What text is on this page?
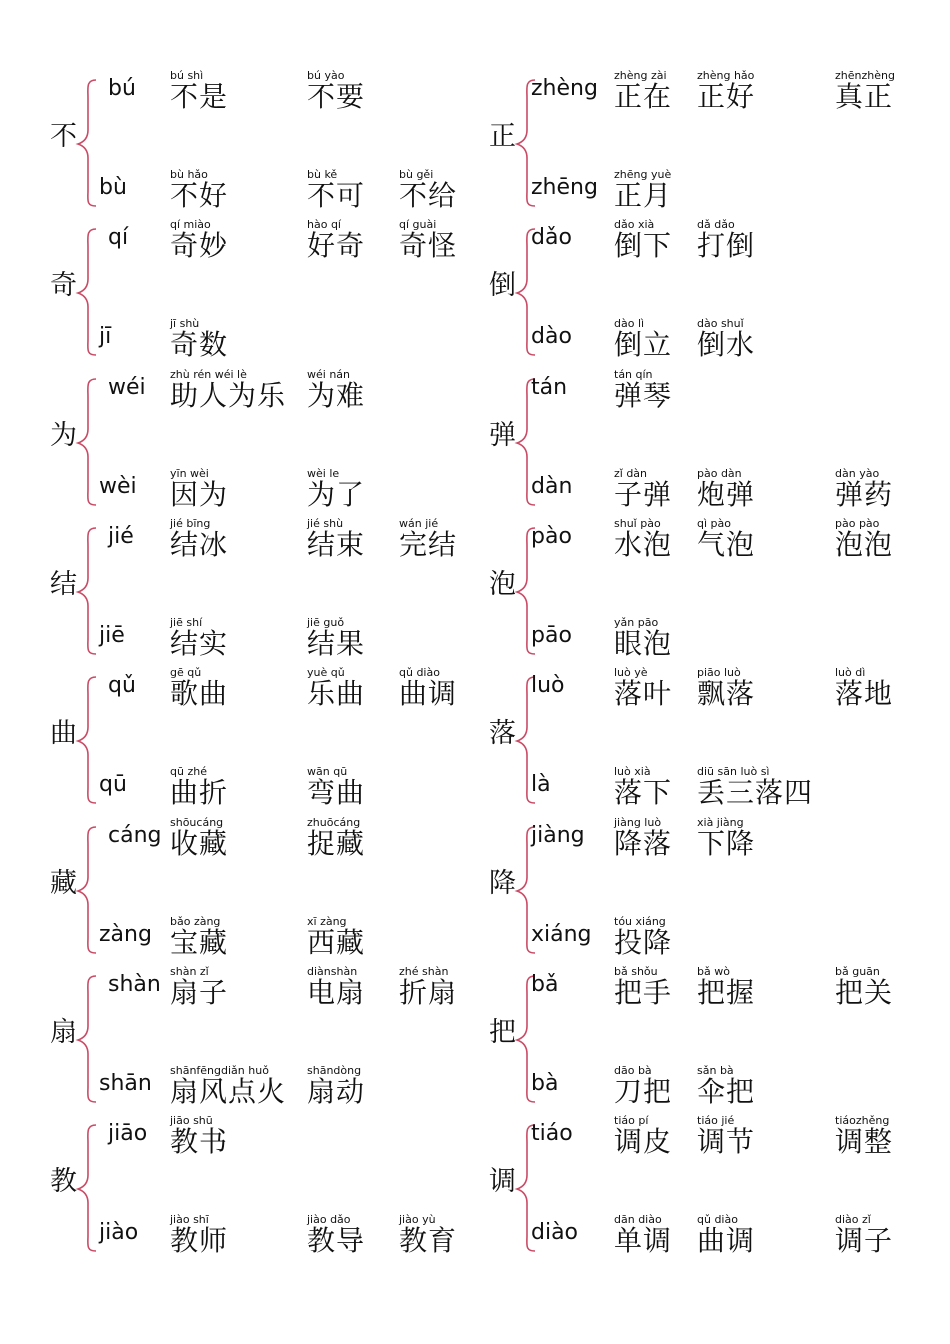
不
bú
bú shì
不是
bú yào
不要
bù
bù hǎo
不好
bù kě
不可
bù gěi
不给
正
zhèng
zhèng zài
正在
zhèng hǎo
正好
zhēnzhèng
真正
zhēng
zhēng yuè
正月
奇
qí
qí miào
奇妙
hào qí
好奇
qí guài
奇怪
jī
jī shù
奇数
倒
dǎo
dǎo xià
倒下
dǎ dǎo
打倒
dào
dào lì
倒立
dào shuǐ
倒水
为
wéi
zhù rén wéi lè
助人为乐
wéi nán
为难
wèi
yīn wèi
因为
wèi le
为了
弹
tán
tán qín
弹琴
dàn
zǐ dàn
子弹
pào dàn
炮弹
dàn yào
弹药
结
jié
jié bīng
结冰
jié shù
结束
wán jié
完结
jiē
jiē shí
结实
jiē guǒ
结果
泡
pào
shuǐ pào
水泡
qì pào
气泡
pào pào
泡泡
pāo
yǎn pāo
眼泡
曲
qǔ
gē qǔ
歌曲
yuè qǔ
乐曲
qǔ diào
曲调
qū
qū zhé
曲折
wān qū
弯曲
落
luò
luò yè
落叶
piāo luò
飘落
luò dì
落地
là
luò xià
落下
diū sān luò sì
丢三落四
藏
cáng
shōucáng
收藏
zhuōcáng
捉藏
zàng
bǎo zàng
宝藏
xī zàng
西藏
降
jiàng
jiàng luò
降落
xià jiàng
下降
xiáng
tóu xiáng
投降
扇
shàn
shàn zǐ
扇子
diànshàn
电扇
zhé shàn
折扇
shān
shānfēngdiǎn huǒ
扇风点火
shāndòng
扇动
把
bǎ
bǎ shǒu
把手
bǎ wò
把握
bǎ guān
把关
bà
dāo bà
刀把
sǎn bà
伞把
教
jiāo
jiāo shū
教书
jiào
jiào shī
教师
jiào dǎo
教导
jiào yù
教育
调
tiáo
tiáo pí
调皮
tiáo jié
调节
tiáozhěng
调整
diào
dān diào
单调
qǔ diào
曲调
diào zǐ
调子
